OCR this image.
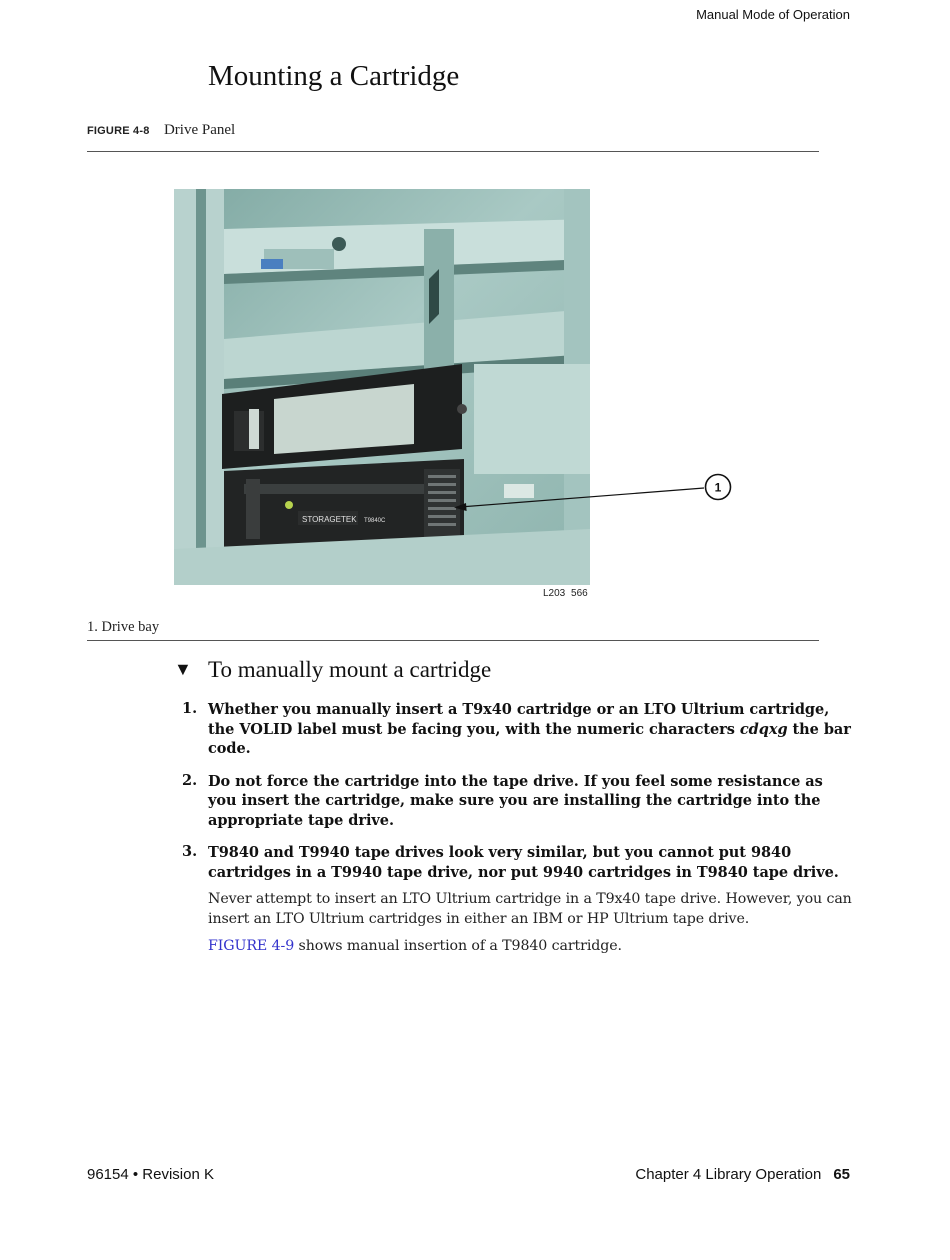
Manual Mode of Operation
Mounting a Cartridge
FIGURE 4-8 Drive Panel
STORAGETEK T9840C
1
L203 566
1. Drive bay
▼ To manually mount a cartridge
1. Whether you manually insert a T9x40 cartridge or an LTO Ultrium cartridge, the VOLID label must be facing you, with the numeric characters cdqxg the bar code.
2. Do not force the cartridge into the tape drive. If you feel some resistance as you insert the cartridge, make sure you are installing the cartridge into the appropriate tape drive.
3. T9840 and T9940 tape drives look very similar, but you cannot put 9840 cartridges in a T9940 tape drive, nor put 9940 cartridges in T9840 tape drive.

Never attempt to insert an LTO Ultrium cartridge in a T9x40 tape drive. However, you can insert an LTO Ultrium cartridges in either an IBM or HP Ultrium tape drive.

FIGURE 4-9 shows manual insertion of a T9840 cartridge.

96154 • Revision K	Chapter 4 Library Operation 65
